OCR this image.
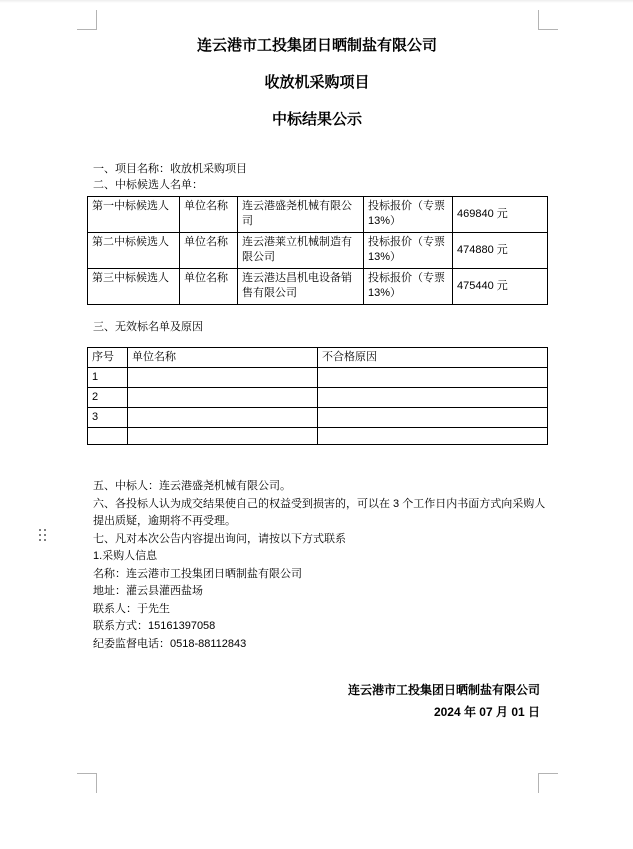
连云港市工投集团日晒制盐有限公司

收放机采购项目

中标结果公示

一、项目名称：收放机采购项目

二、中标候选人名单：

第一中标候选人	单位名称	连云港盛尧机械有限公司	投标报价（专票13%）	469840 元
第二中标候选人	单位名称	连云港莱立机械制造有限公司	投标报价（专票13%）	474880 元
第三中标候选人	单位名称	连云港达昌机电设备销售有限公司	投标报价（专票13%）	475440 元

三、无效标名单及原因

序号	单位名称	不合格原因
1		
2		
3		

五、中标人：连云港盛尧机械有限公司。

六、各投标人认为成交结果使自己的权益受到损害的，可以在 3 个工作日内书面方式向采购人提出质疑，逾期将不再受理。

七、凡对本次公告内容提出询问，请按以下方式联系

1.采购人信息

名称：连云港市工投集团日晒制盐有限公司

地址：灌云县灌西盐场

联系人：于先生

联系方式：15161397058

纪委监督电话：0518-88112843

连云港市工投集团日晒制盐有限公司

2024 年 07 月 01 日
